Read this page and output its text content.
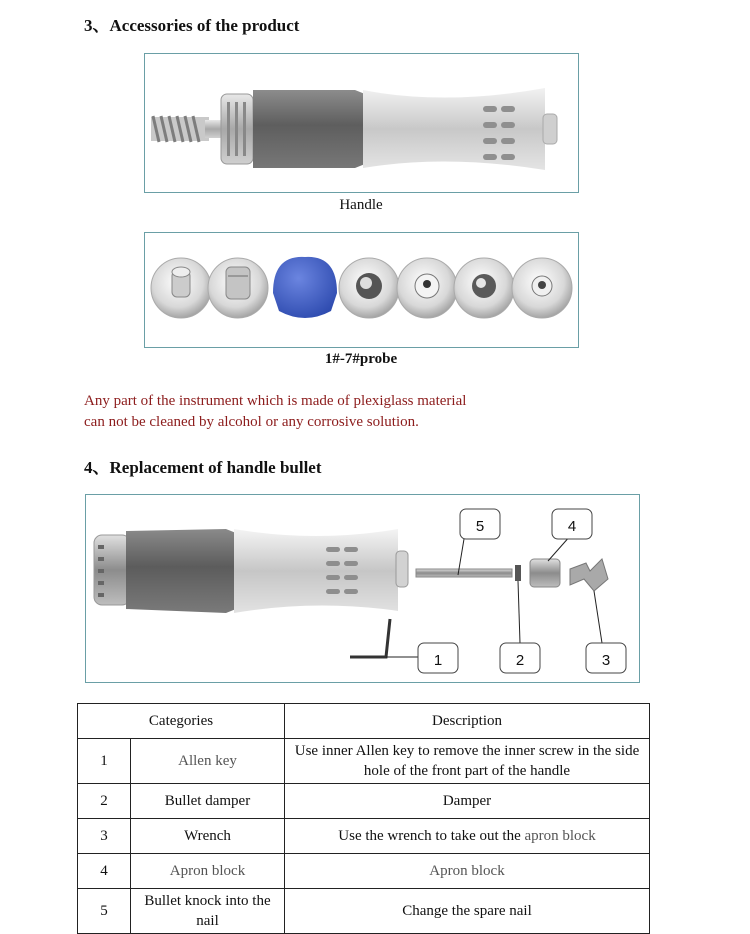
3、Accessories of the product
Handle
1#-7#probe

Any part of the instrument which is made of plexiglass material
can not be cleaned by alcohol or any corrosive solution.

4、Replacement of handle bullet
1	2	3
4
5
Categories		Description
1	Allen key	Use inner Allen key to remove the inner screw in the side hole of the front part of the handle
2	Bullet damper	Damper
3	Wrench	Use the wrench to take out the apron block
4	Apron block	Apron block
5	Bullet knock into the nail	Change the spare nail
